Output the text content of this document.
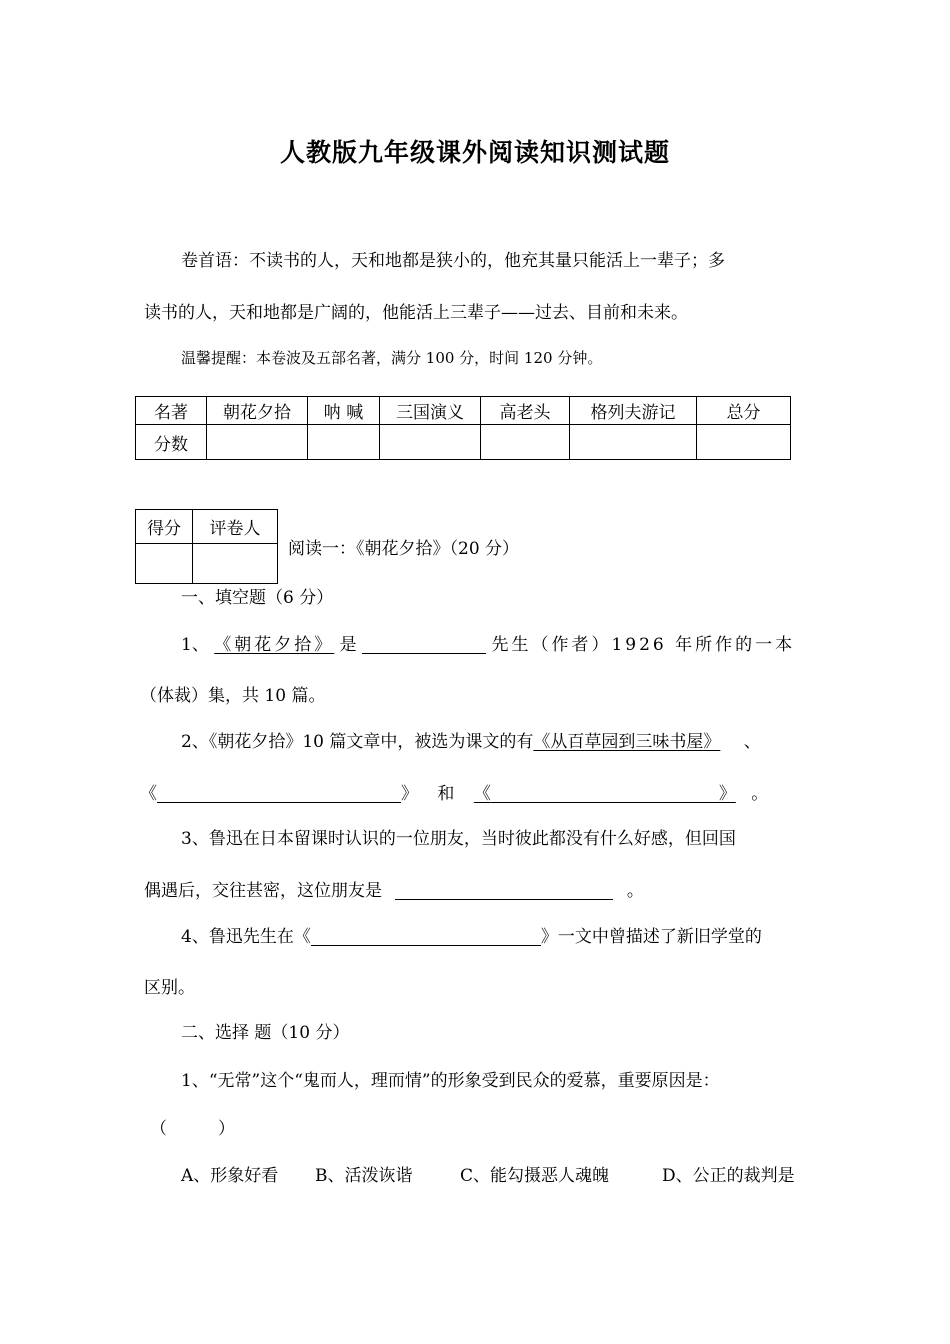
人教版九年级课外阅读知识测试题
卷首语：不读书的人，天和地都是狭小的，他充其量只能活上一辈子；多
读书的人，天和地都是广阔的，他能活上三辈子——过去、目前和未来。
温馨提醒：本卷波及五部名著，满分 100 分，时间 120 分钟。
名著	朝花夕拾	呐 喊	三国演义	高老头	格列夫游记	总分
分数						
得分	评卷人

阅读一：《朝花夕拾》（20 分）
一、填空题（6 分）
1、 《朝花夕拾》 是	先生（作者）1926 年所作的一本
（体裁）集，共 10 篇。
2、《朝花夕拾》10 篇文章中，被选为课文的有《从百草园到三味书屋》 、
《	》 和 《	》 。
3、鲁迅在日本留课时认识的一位朋友，当时彼此都没有什么好感，但回国
偶遇后，交往甚密，这位朋友是	。
4、鲁迅先生在《	》一文中曾描述了新旧学堂的
区别。
二、选择 题（10 分）
1、“无常”这个“鬼而人，理而情”的形象受到民众的爱慕，重要原因是：
（　　　）
A、形象好看 B、活泼诙谐	C、能勾摄恶人魂魄	D、公正的裁判是
